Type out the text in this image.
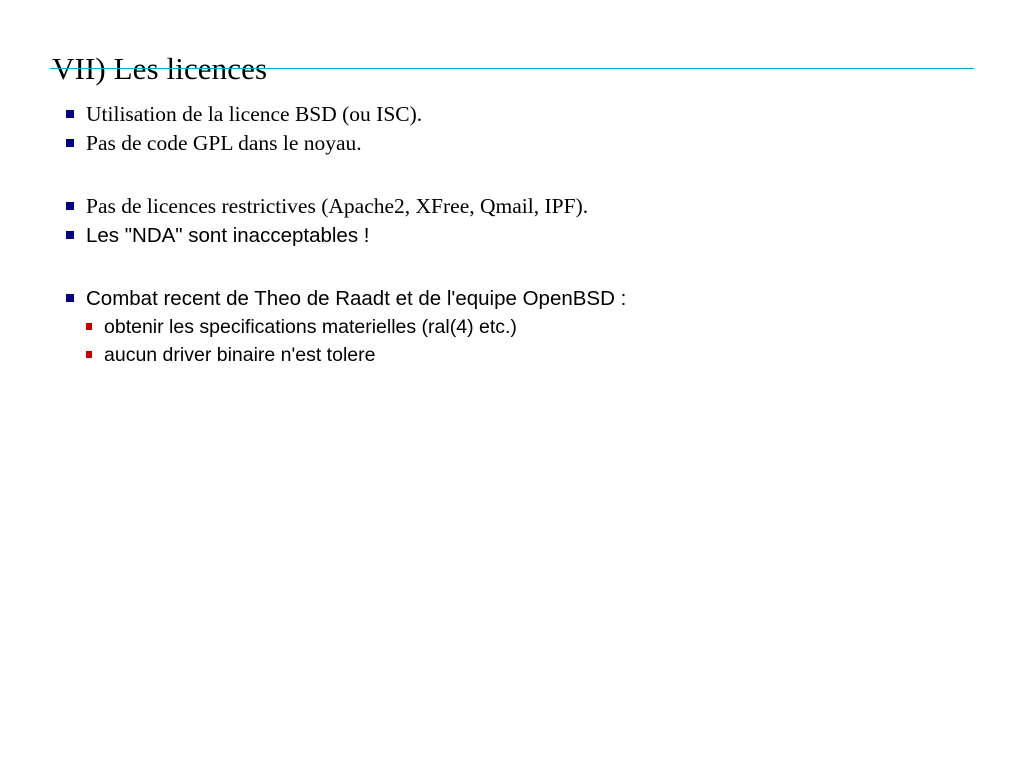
VII) Les licences
Utilisation de la licence BSD (ou ISC).
Pas de code GPL dans le noyau.
Pas de licences restrictives (Apache2, XFree, Qmail, IPF).
Les "NDA" sont inacceptables !
Combat recent de Theo de Raadt et de l'equipe OpenBSD :
obtenir les specifications materielles (ral(4) etc.)
aucun driver binaire n'est tolere
